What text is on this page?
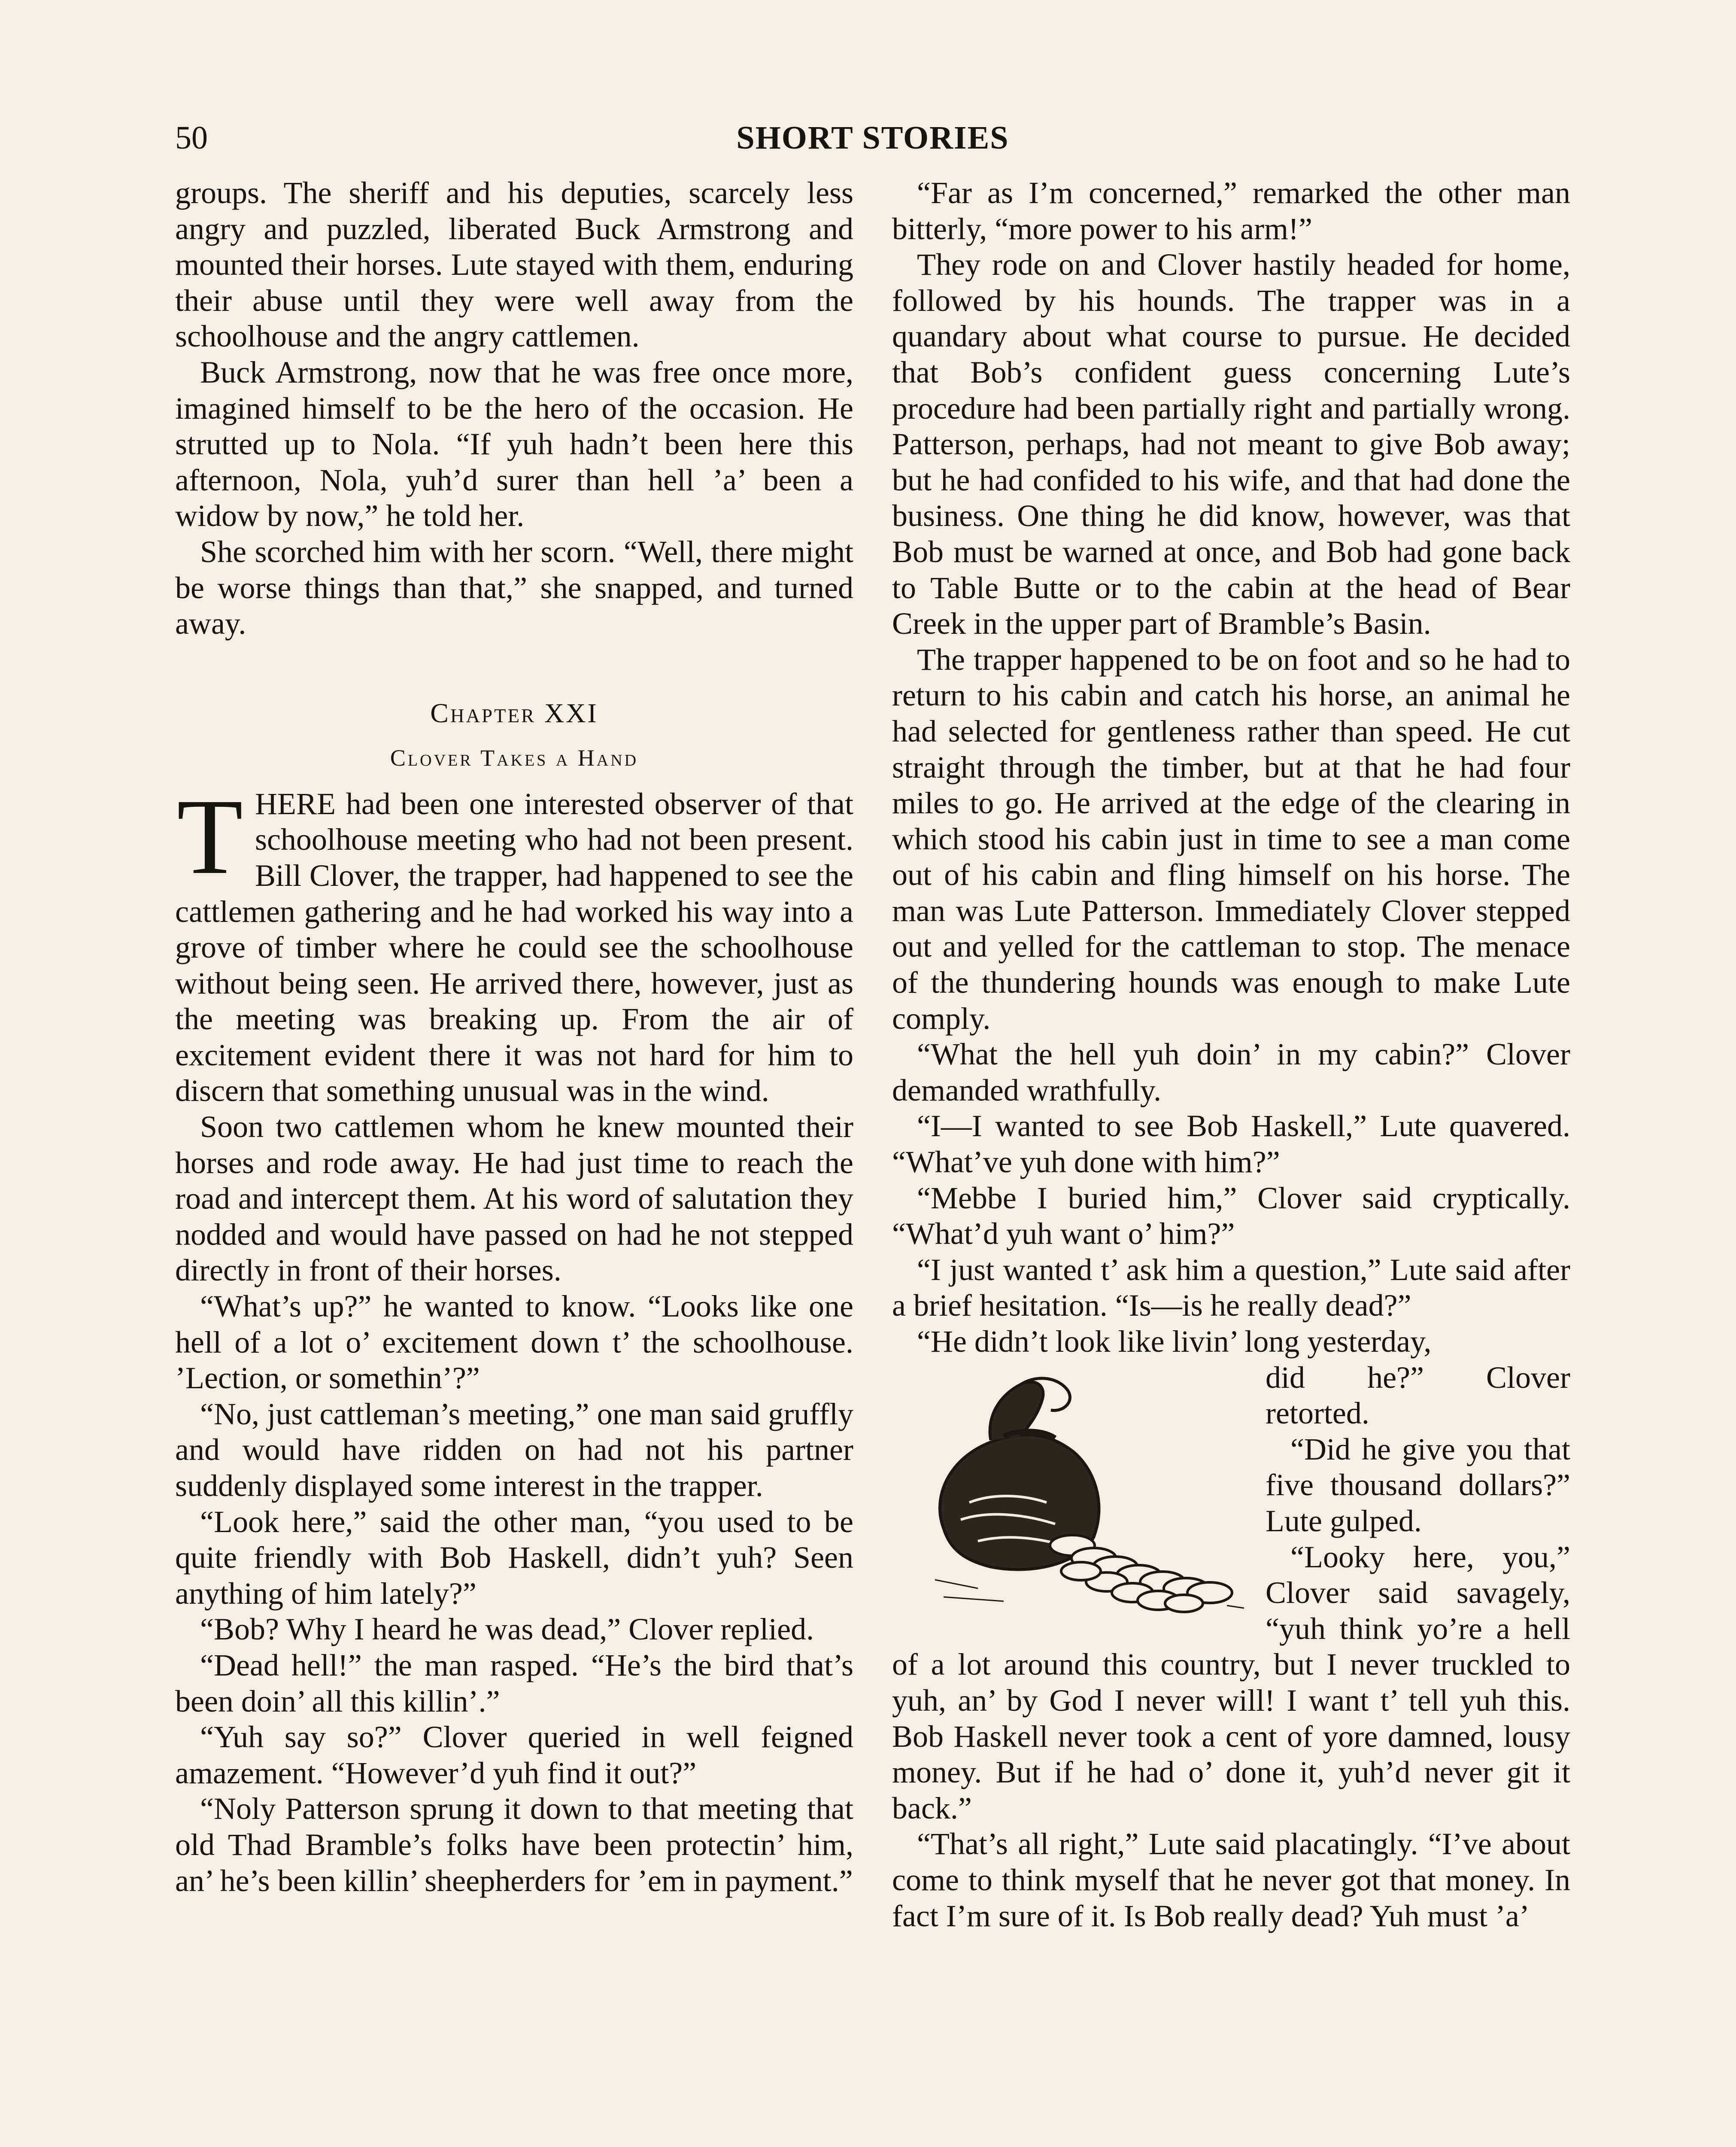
50	SHORT STORIES

groups. The sheriff and his deputies, scarcely less angry and puzzled, liberated Buck Armstrong and mounted their horses. Lute stayed with them, enduring their abuse until they were well away from the schoolhouse and the angry cattlemen.

Buck Armstrong, now that he was free once more, imagined himself to be the hero of the occasion. He strutted up to Nola. “If yuh hadn’t been here this afternoon, Nola, yuh’d surer than hell ’a’ been a widow by now,” he told her.

She scorched him with her scorn. “Well, there might be worse things than that,” she snapped, and turned away.

Chapter XXI
Clover Takes a Hand

THERE had been one interested observer of that schoolhouse meeting who had not been present. Bill Clover, the trapper, had happened to see the cattlemen gathering and he had worked his way into a grove of timber where he could see the schoolhouse without being seen. He arrived there, however, just as the meeting was breaking up. From the air of excitement evident there it was not hard for him to discern that something unusual was in the wind.

Soon two cattlemen whom he knew mounted their horses and rode away. He had just time to reach the road and intercept them. At his word of salutation they nodded and would have passed on had he not stepped directly in front of their horses.

“What’s up?” he wanted to know. “Looks like one hell of a lot o’ excitement down t’ the schoolhouse. ’Lection, or somethin’?”

“No, just cattleman’s meeting,” one man said gruffly and would have ridden on had not his partner suddenly displayed some interest in the trapper.

“Look here,” said the other man, “you used to be quite friendly with Bob Haskell, didn’t yuh? Seen anything of him lately?”

“Bob? Why I heard he was dead,” Clover replied.

“Dead hell!” the man rasped. “He’s the bird that’s been doin’ all this killin’.”

“Yuh say so?” Clover queried in well feigned amazement. “However’d yuh find it out?”

“Noly Patterson sprung it down to that meeting that old Thad Bramble’s folks have been protectin’ him, an’ he’s been killin’ sheepherders for ’em in payment.”

“Far as I’m concerned,” remarked the other man bitterly, “more power to his arm!”

They rode on and Clover hastily headed for home, followed by his hounds. The trapper was in a quandary about what course to pursue. He decided that Bob’s confident guess concerning Lute’s procedure had been partially right and partially wrong. Patterson, perhaps, had not meant to give Bob away; but he had confided to his wife, and that had done the business. One thing he did know, however, was that Bob must be warned at once, and Bob had gone back to Table Butte or to the cabin at the head of Bear Creek in the upper part of Bramble’s Basin.

The trapper happened to be on foot and so he had to return to his cabin and catch his horse, an animal he had selected for gentleness rather than speed. He cut straight through the timber, but at that he had four miles to go. He arrived at the edge of the clearing in which stood his cabin just in time to see a man come out of his cabin and fling himself on his horse. The man was Lute Patterson. Immediately Clover stepped out and yelled for the cattleman to stop. The menace of the thundering hounds was enough to make Lute comply.

“What the hell yuh doin’ in my cabin?” Clover demanded wrathfully.

“I—I wanted to see Bob Haskell,” Lute quavered. “What’ve yuh done with him?”

“Mebbe I buried him,” Clover said cryptically. “What’d yuh want o’ him?”

“I just wanted t’ ask him a question,” Lute said after a brief hesitation. “Is—is he really dead?”

“He didn’t look like livin’ long yesterday,

did he?” Clover retorted.

“Did he give you that five thousand dollars?” Lute gulped.

“Looky here, you,” Clover said savagely, “yuh think yo’re a hell of a lot around this country, but I never truckled to yuh, an’ by God I never will! I want t’ tell yuh this. Bob Haskell never took a cent of yore damned, lousy money. But if he had o’ done it, yuh’d never git it back.”

“That’s all right,” Lute said placatingly. “I’ve about come to think myself that he never got that money. In fact I’m sure of it. Is Bob really dead? Yuh must ’a’
